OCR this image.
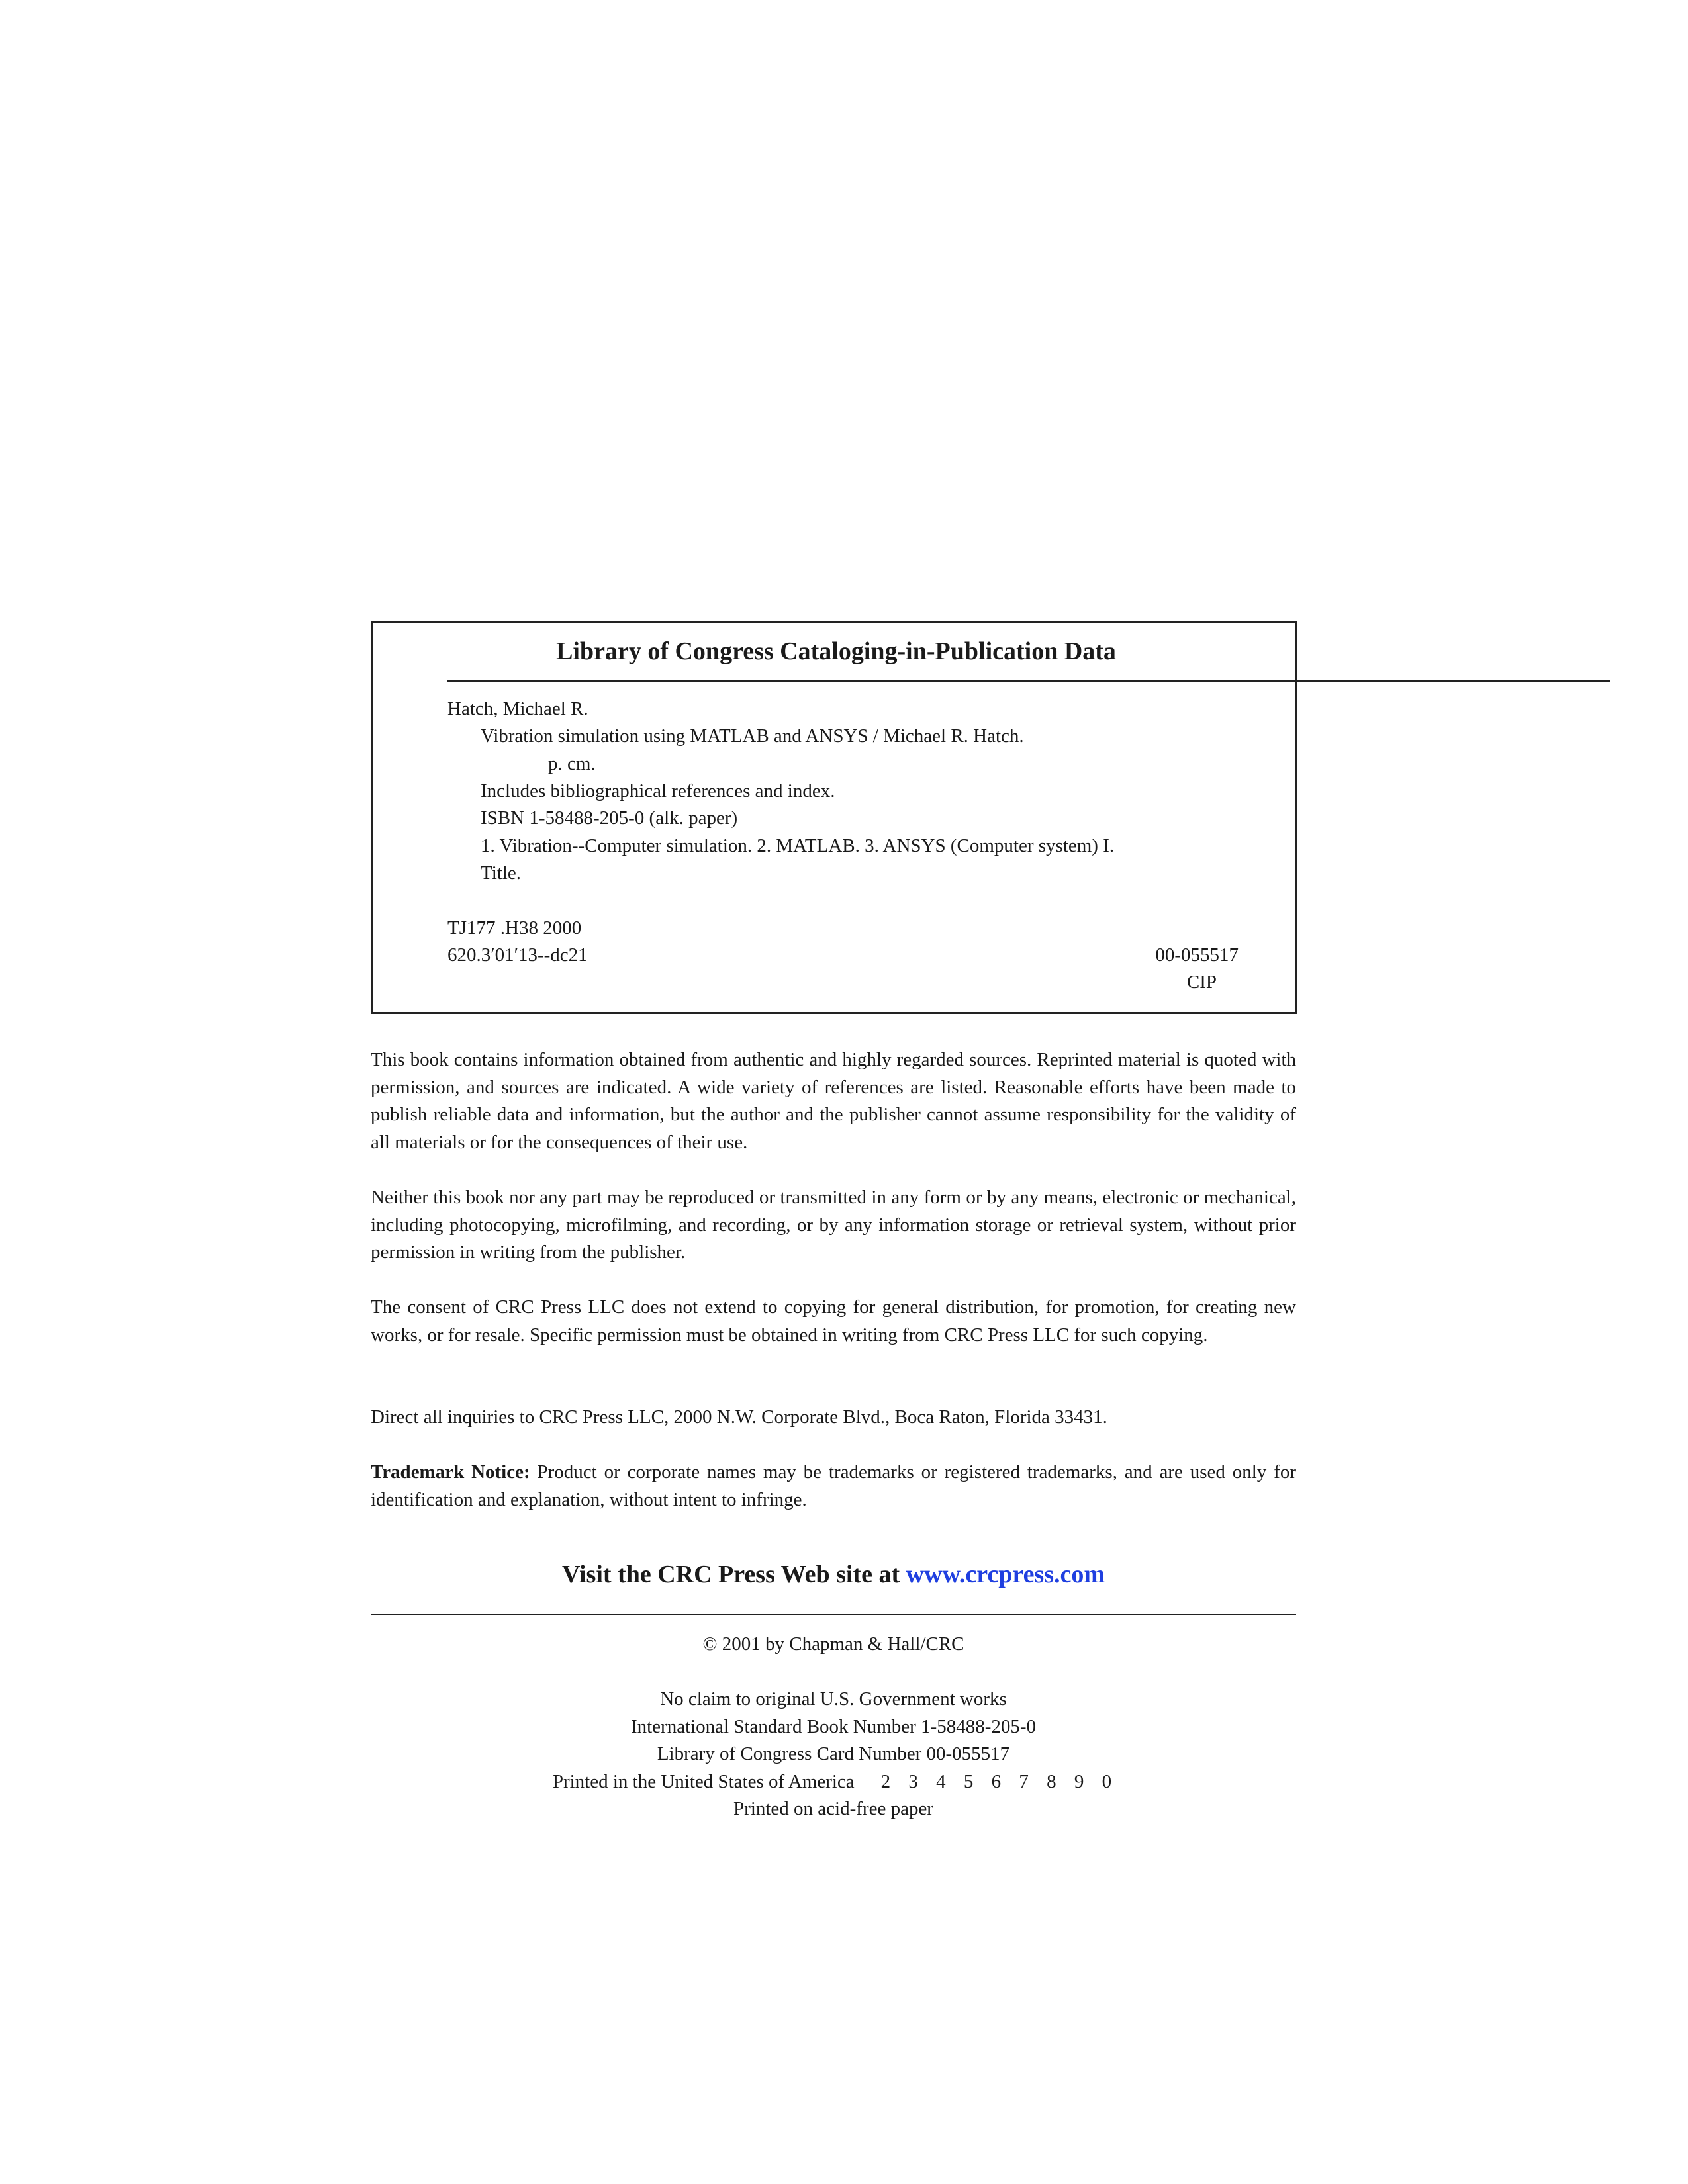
Library of Congress Cataloging-in-Publication Data
Hatch, Michael R.
Vibration simulation using MATLAB and ANSYS / Michael R. Hatch.
p. cm.
Includes bibliographical references and index.
ISBN 1-58488-205-0 (alk. paper)
1. Vibration--Computer simulation. 2. MATLAB. 3. ANSYS (Computer system) I.
Title.
TJ177 .H38 2000
620.3′01′13--dc21	00-055517
CIP

This book contains information obtained from authentic and highly regarded sources. Reprinted material is quoted with permission, and sources are indicated. A wide variety of references are listed. Reasonable efforts have been made to publish reliable data and information, but the author and the publisher cannot assume responsibility for the validity of all materials or for the consequences of their use.

Neither this book nor any part may be reproduced or transmitted in any form or by any means, electronic or mechanical, including photocopying, microfilming, and recording, or by any information storage or retrieval system, without prior permission in writing from the publisher.

The consent of CRC Press LLC does not extend to copying for general distribution, for promotion, for creating new works, or for resale. Specific permission must be obtained in writing from CRC Press LLC for such copying.

Direct all inquiries to CRC Press LLC, 2000 N.W. Corporate Blvd., Boca Raton, Florida 33431.

Trademark Notice: Product or corporate names may be trademarks or registered trademarks, and are used only for identification and explanation, without intent to infringe.

Visit the CRC Press Web site at www.crcpress.com
© 2001 by Chapman & Hall/CRC
No claim to original U.S. Government works
International Standard Book Number 1-58488-205-0
Library of Congress Card Number 00-055517
Printed in the United States of America 2 3 4 5 6 7 8 9 0
Printed on acid-free paper
